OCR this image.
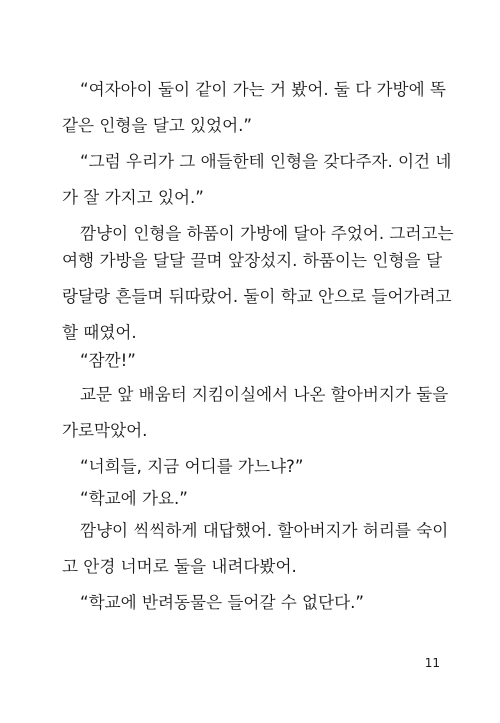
“여자아이 둘이 같이 가는 거 봤어. 둘 다 가방에 똑
같은 인형을 달고 있었어.”
“그럼 우리가 그 애들한테 인형을 갖다주자. 이건 네
가 잘 가지고 있어.”
깜냥이 인형을 하품이 가방에 달아 주었어. 그러고는
여행 가방을 달달 끌며 앞장섰지. 하품이는 인형을 달
랑달랑 흔들며 뒤따랐어. 둘이 학교 안으로 들어가려고
할 때였어.
“잠깐!”
교문 앞 배움터 지킴이실에서 나온 할아버지가 둘을
가로막았어.
“너희들, 지금 어디를 가느냐?”
“학교에 가요.”
깜냥이 씩씩하게 대답했어. 할아버지가 허리를 숙이
고 안경 너머로 둘을 내려다봤어.
“학교에 반려동물은 들어갈 수 없단다.”
11
